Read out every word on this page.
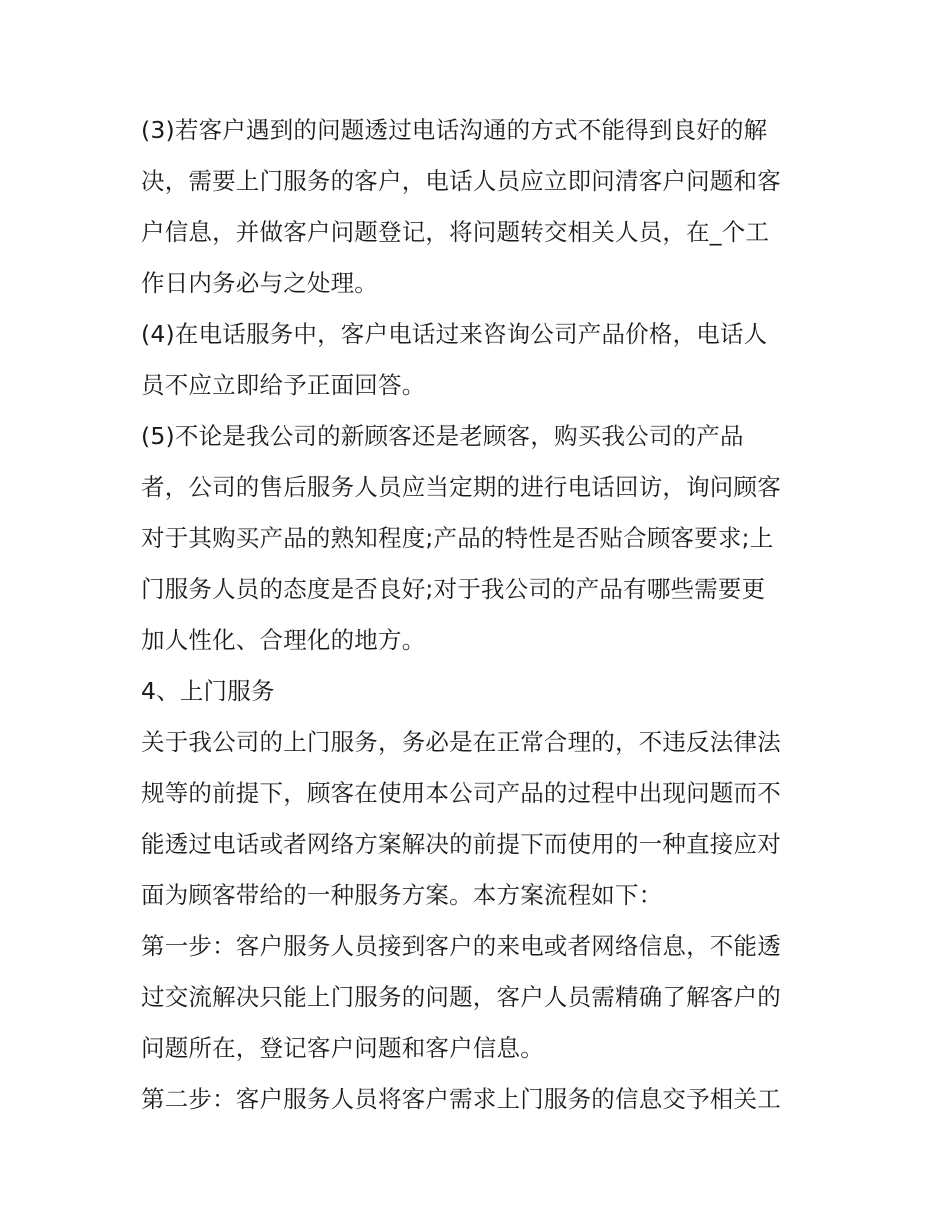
(3)若客户遇到的问题透过电话沟通的方式不能得到良好的解
决，需要上门服务的客户，电话人员应立即问清客户问题和客
户信息，并做客户问题登记，将问题转交相关人员，在_个工
作日内务必与之处理。
(4)在电话服务中，客户电话过来咨询公司产品价格，电话人
员不应立即给予正面回答。
(5)不论是我公司的新顾客还是老顾客，购买我公司的产品
者，公司的售后服务人员应当定期的进行电话回访，询问顾客
对于其购买产品的熟知程度;产品的特性是否贴合顾客要求;上
门服务人员的态度是否良好;对于我公司的产品有哪些需要更
加人性化、合理化的地方。
4、上门服务
关于我公司的上门服务，务必是在正常合理的，不违反法律法
规等的前提下，顾客在使用本公司产品的过程中出现问题而不
能透过电话或者网络方案解决的前提下而使用的一种直接应对
面为顾客带给的一种服务方案。本方案流程如下：
第一步：客户服务人员接到客户的来电或者网络信息，不能透
过交流解决只能上门服务的问题，客户人员需精确了解客户的
问题所在，登记客户问题和客户信息。
第二步：客户服务人员将客户需求上门服务的信息交予相关工
